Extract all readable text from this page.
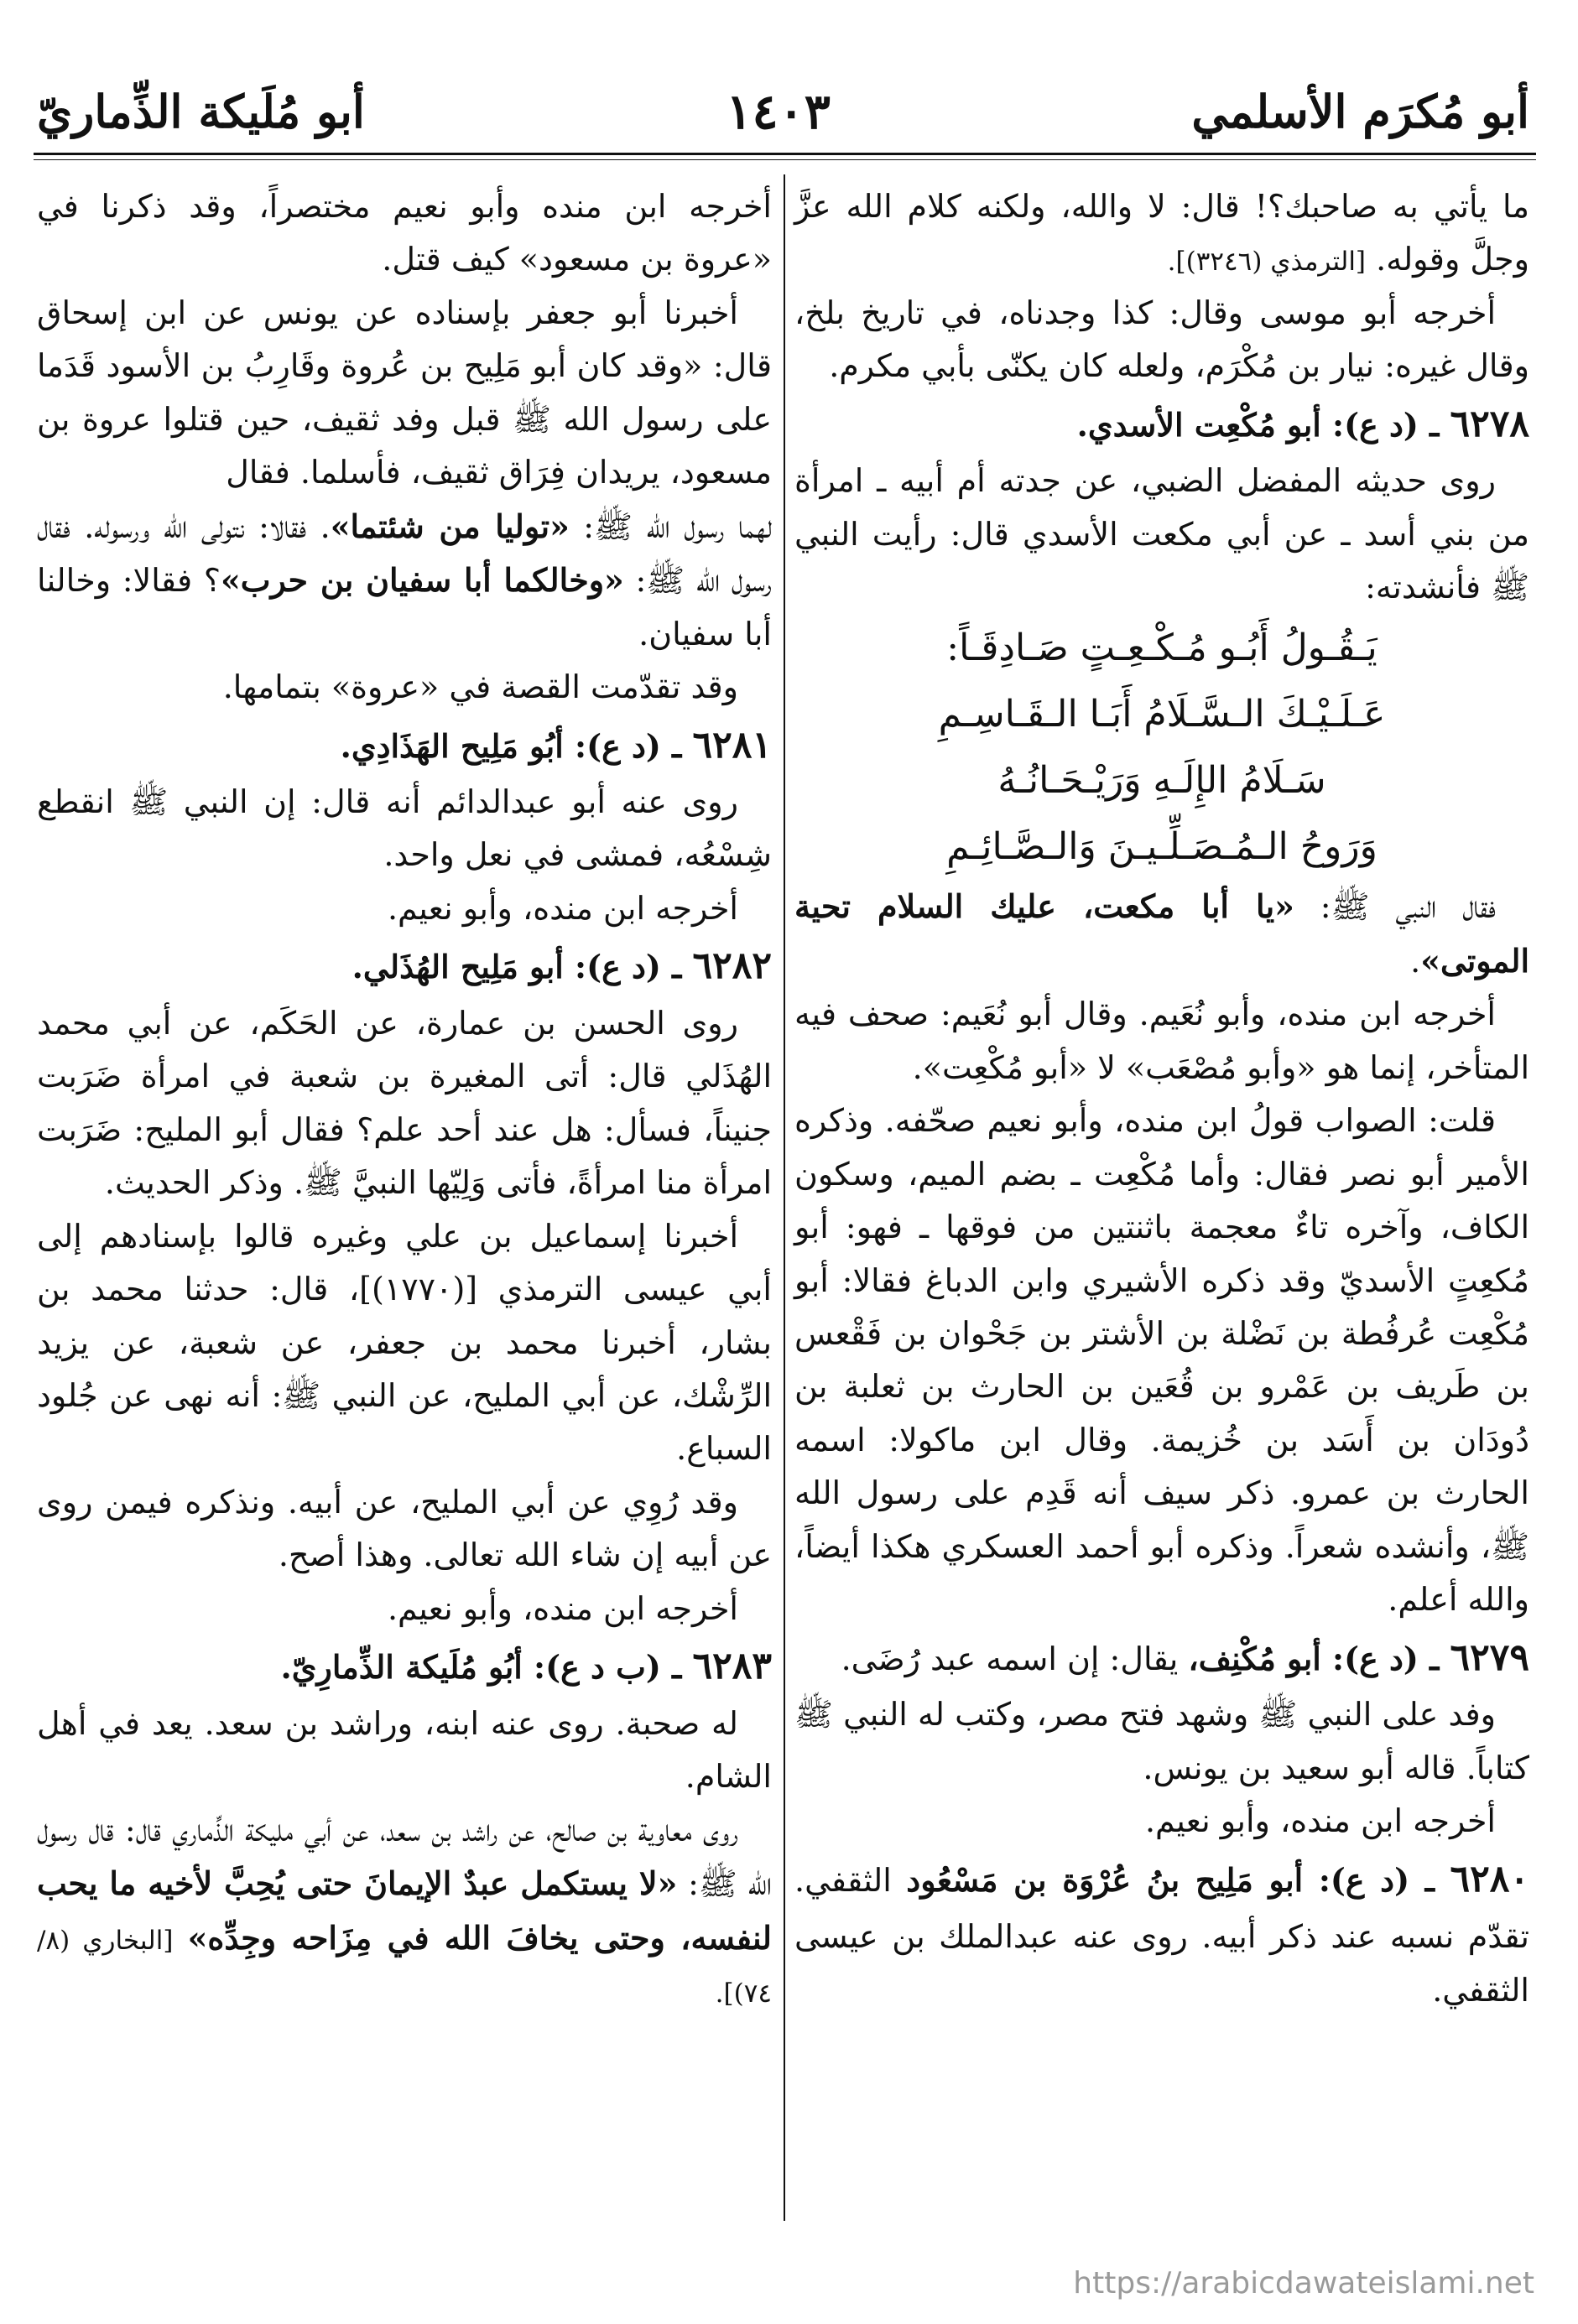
أبو مُكرَم الأسلمي
١٤٠٣
أبو مُلَيكة الذِّماريّ

ما يأتي به صاحبك؟! قال: لا والله، ولكنه كلام الله عزَّ وجلَّ وقوله. [الترمذي (٣٢٤٦)].

أخرجه أبو موسى وقال: كذا وجدناه، في تاريخ بلخ، وقال غيره: نيار بن مُكْرَم، ولعله كان يكنّى بأبي مكرم.

٦٢٧٨ ـ (د ع): أبو مُكْعِت الأسدي.

روى حديثه المفضل الضبي، عن جدته أم أبيه ـ امرأة من بني أسد ـ عن أبي مكعت الأسدي قال: رأيت النبي ﷺ فأنشدته:

يَـقُـولُ أَبُـو مُـكْـعِـتٍ صَـادِقَـاً:
عَـلَـيْـكَ الـسَّـلَامُ أَبَـا الـقَـاسِـمِ
سَـلَامُ الإِلَـهِ وَرَيْـحَـانُـهُ
وَرَوحُ الـمُـصَـلِّـيـنَ وَالـصَّـائِـمِ

فقال النبي ﷺ: «يا أبا مكعت، عليك السلام تحية الموتى».

أخرجه ابن منده، وأبو نُعَيم. وقال أبو نُعَيم: صحف فيه المتأخر، إنما هو «وأبو مُصْعَب» لا «أبو مُكْعِت».

قلت: الصواب قولُ ابن منده، وأبو نعيم صحّفه. وذكره الأمير أبو نصر فقال: وأما مُكْعِت ـ بضم الميم، وسكون الكاف، وآخره تاءٌ معجمة باثنتين من فوقها ـ فهو: أبو مُكعِتٍ الأسديّ وقد ذكره الأشيري وابن الدباغ فقالا: أبو مُكْعِت عُرفُطة بن نَضْلة بن الأشتر بن جَحْوان بن فَقْعس بن طَريف بن عَمْرو بن قُعَين بن الحارث بن ثعلبة بن دُودَان بن أَسَد بن خُزيمة. وقال ابن ماكولا: اسمه الحارث بن عمرو. ذكر سيف أنه قَدِم على رسول الله ﷺ، وأنشده شعراً. وذكره أبو أحمد العسكري هكذا أيضاً، والله أعلم.

٦٢٧٩ ـ (د ع): أبو مُكْنِف، يقال: إن اسمه عبد رُضَى.

وفد على النبي ﷺ وشهد فتح مصر، وكتب له النبي ﷺ كتاباً. قاله أبو سعيد بن يونس.

أخرجه ابن منده، وأبو نعيم.

٦٢٨٠ ـ (د ع): أبو مَلِيح بنُ عُرْوَة بن مَسْعُود الثقفي. تقدّم نسبه عند ذكر أبيه. روى عنه عبدالملك بن عيسى الثقفي.

أخرجه ابن منده وأبو نعيم مختصراً، وقد ذكرنا في «عروة بن مسعود» كيف قتل.

أخبرنا أبو جعفر بإسناده عن يونس عن ابن إسحاق قال: «وقد كان أبو مَلِيح بن عُروة وقَارِبُ بن الأسود قَدَما على رسول الله ﷺ قبل وفد ثقيف، حين قتلوا عروة بن مسعود، يريدان فِرَاق ثقيف، فأسلما. فقال

لهما رسول الله ﷺ: «توليا من شئتما». فقالا: نتولى الله ورسوله. فقال رسول الله ﷺ: «وخالكما أبا سفيان بن حرب»؟ فقالا: وخالنا أبا سفيان.

وقد تقدّمت القصة في «عروة» بتمامها.

٦٢٨١ ـ (د ع): أبُو مَلِيح الهَذَادِي.

روى عنه أبو عبدالدائم أنه قال: إن النبي ﷺ انقطع شِسْعُه، فمشى في نعل واحد.

أخرجه ابن منده، وأبو نعيم.

٦٢٨٢ ـ (د ع): أبو مَلِيح الهُذَلي.

روى الحسن بن عمارة، عن الحَكَم، عن أبي محمد الهُذَلي قال: أتى المغيرة بن شعبة في امرأة ضَرَبت جنيناً، فسأل: هل عند أحد علم؟ فقال أبو المليح: ضَرَبت امرأة منا امرأةً، فأتى وَلِيّها النبيَّ ﷺ. وذكر الحديث.

أخبرنا إسماعيل بن علي وغيره قالوا بإسنادهم إلى أبي عيسى الترمذي [(١٧٧٠)]، قال: حدثنا محمد بن بشار، أخبرنا محمد بن جعفر، عن شعبة، عن يزيد الرِّشْك، عن أبي المليح، عن النبي ﷺ: أنه نهى عن جُلود السباع.

وقد رُوِي عن أبي المليح، عن أبيه. ونذكره فيمن روى عن أبيه إن شاء الله تعالى. وهذا أصح.

أخرجه ابن منده، وأبو نعيم.

٦٢٨٣ ـ (ب د ع): أبُو مُلَيكة الذِّمارِيّ.

له صحبة. روى عنه ابنه، وراشد بن سعد. يعد في أهل الشام.

روى معاوية بن صالح، عن راشد بن سعد، عن أبي مليكة الذِّماري قال: قال رسول الله ﷺ: «لا يستكمل عبدٌ الإيمانَ حتى يُحِبَّ لأخيه ما يحب لنفسه، وحتى يخافَ الله في مِزَاحه وجِدِّه» [البخاري (٨/ ٧٤)].

https://arabicdawateislami.net
